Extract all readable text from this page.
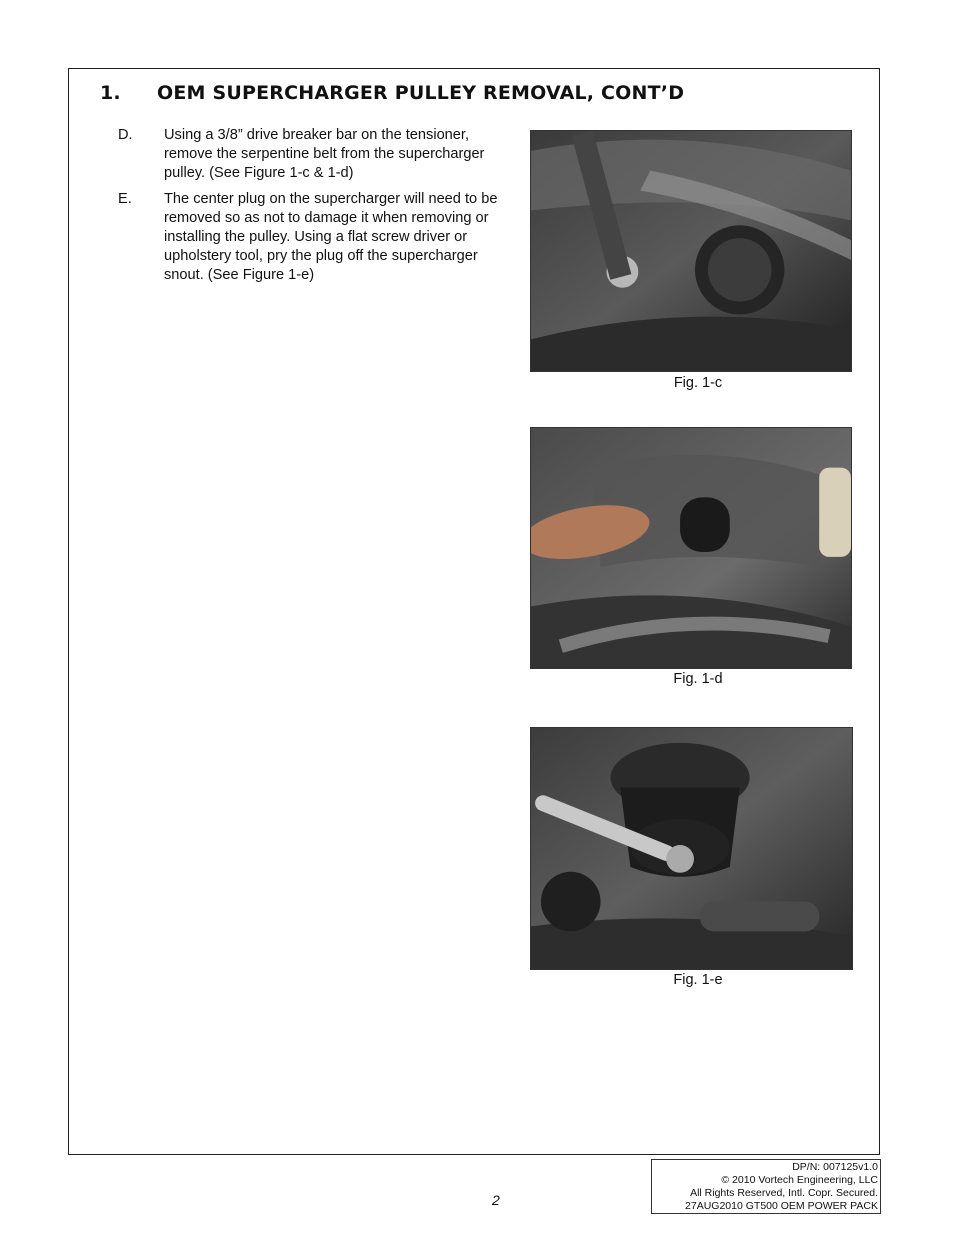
1.	OEM SUPERCHARGER PULLEY REMOVAL, CONT’D
D.	Using a 3/8” drive breaker bar on the tensioner, remove the serpentine belt from the supercharger pulley. (See Figure 1-c & 1-d)
E.	The center plug on the supercharger will need to be removed so as not to damage it when removing or installing the pulley. Using a flat screw driver or upholstery tool, pry the plug off the supercharger snout. (See Figure 1-e)
Fig. 1-c
Fig. 1-d
Fig. 1-e
2
DP/N: 007125v1.0
© 2010 Vortech Engineering, LLC
All Rights Reserved, Intl. Copr. Secured.
27AUG2010 GT500 OEM POWER PACK
